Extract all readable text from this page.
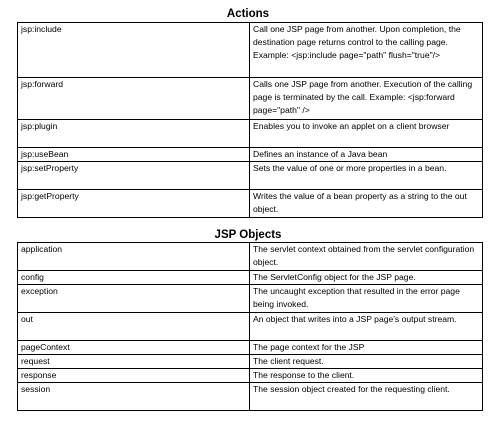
Actions
jsp:include	Call one JSP page from another. Upon completion, the destination page returns control to the calling page. Example: <jsp:include page="path" flush="true"/>
jsp:forward	Calls one JSP page from another. Execution of the calling page is terminated by the call. Example: <jsp:forward page="path" />
jsp:plugin	Enables you to invoke an applet on a client browser
jsp:useBean	Defines an instance of a Java bean
jsp:setProperty	Sets the value of one or more properties in a bean.
jsp:getProperty	Writes the value of a bean property as a string to the out object.
JSP Objects
application	The servlet context obtained from the servlet configuration object.
config	The ServletConfig object for the JSP page.
exception	The uncaught exception that resulted in the error page being invoked.
out	An object that writes into a JSP page's output stream.
pageContext	The page context for the JSP
request	The client request.
response	The response to the client.
session	The session object created for the requesting client.
